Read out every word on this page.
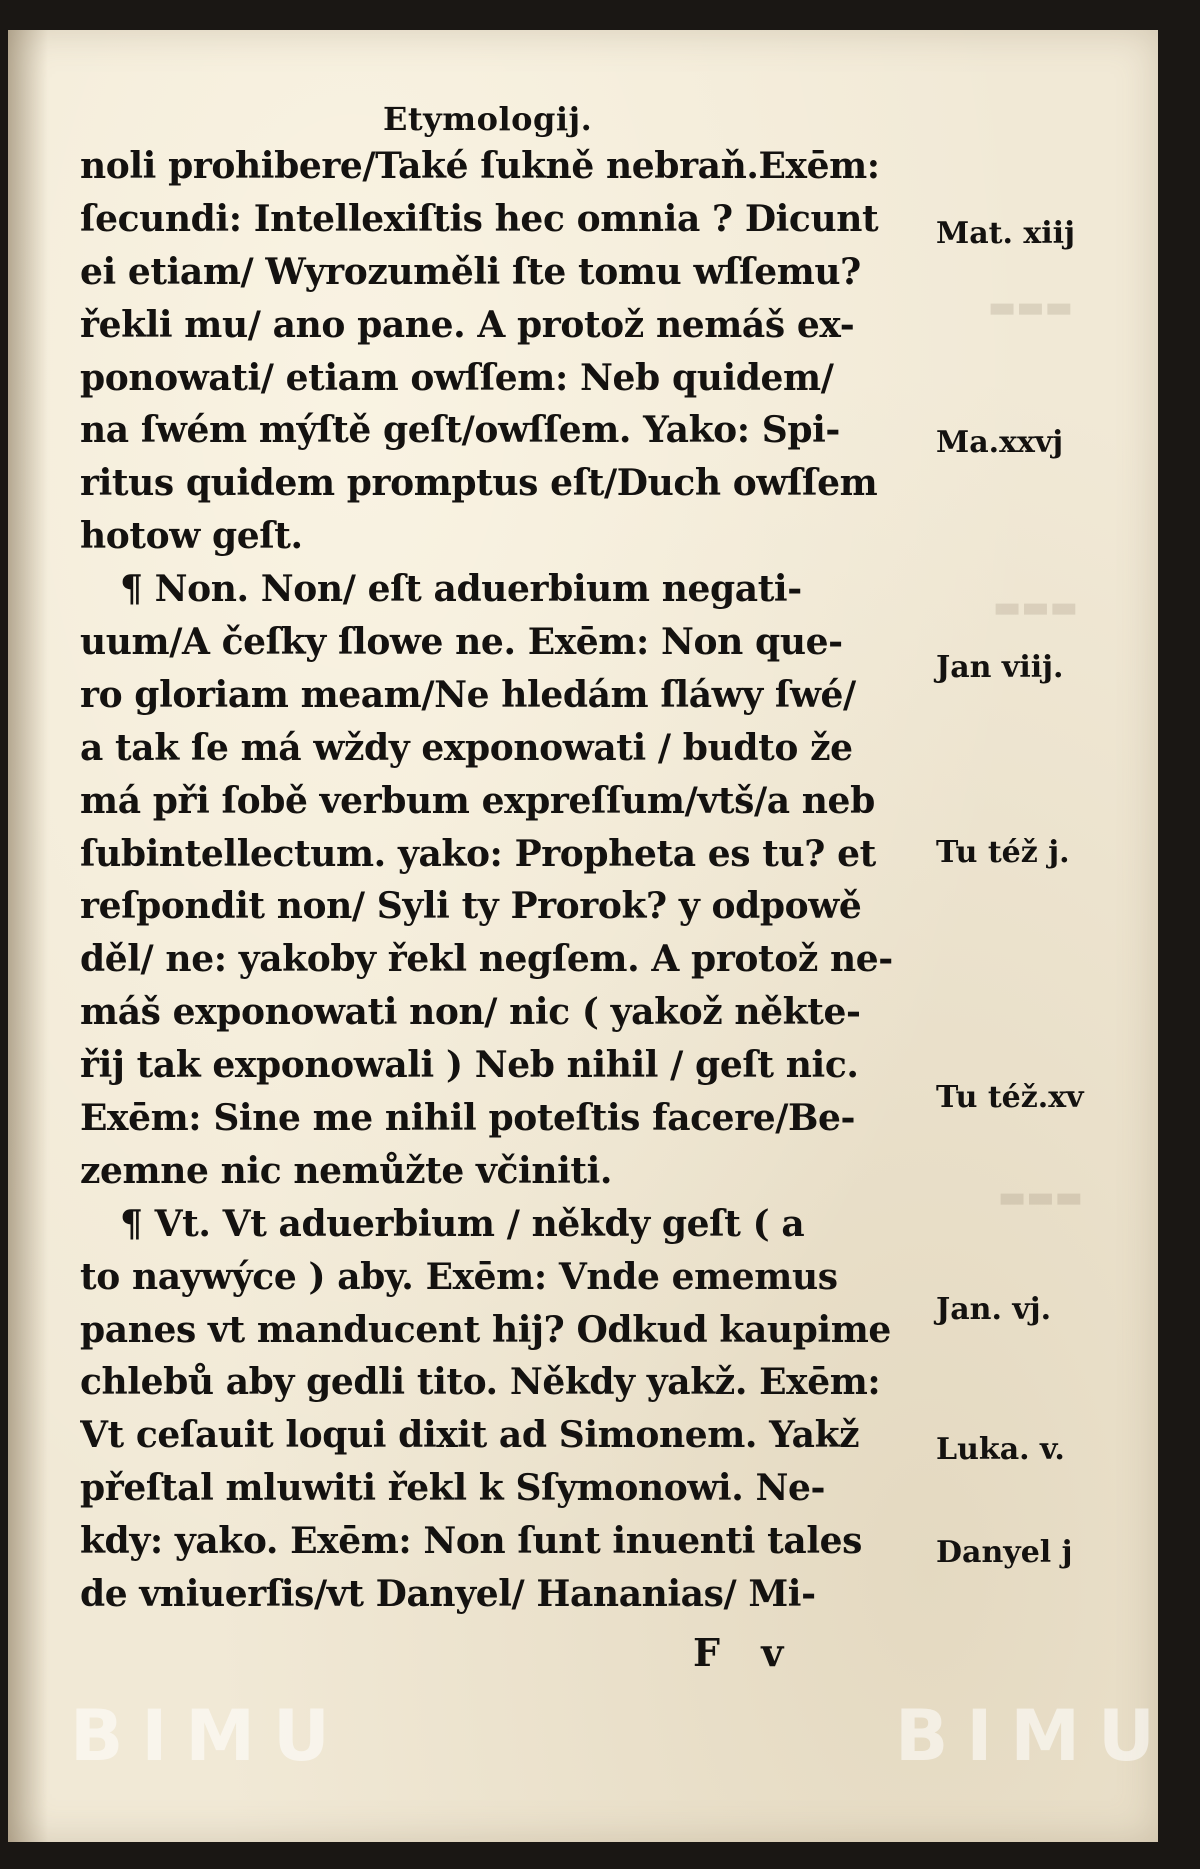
▬▬▬
▬▬▬
▬▬▬
Etymologij.
noli prohibere/Také ſukně nebraň.Exēm:
ſecundi: Intellexiſtis hec omnia ? Dicunt
ei etiam/ Wyrozuměli ſte tomu wſſemu?
řekli mu/ ano pane. A protož nemáš ex-
ponowati/ etiam owſſem: Neb quidem/
na ſwém mýſtě geſt/owſſem. Yako: Spi-
ritus quidem promptus eſt/Duch owſſem
hotow geſt.
¶ Non. Non/ eſt aduerbium negati-
uum/A čeſky ſlowe ne. Exēm: Non que-
ro gloriam meam/Ne hledám ſláwy ſwé/
a tak ſe má wždy exponowati / budto že
má při ſobě verbum expreſſum/vtš/a neb
ſubintellectum. yako: Propheta es tu? et
reſpondit non/ Syli ty Prorok? y odpowě
děl/ ne: yakoby řekl negſem. A protož ne-
máš exponowati non/ nic ( yakož někte-
řij tak exponowali ) Neb nihil / geſt nic.
Exēm: Sine me nihil poteſtis facere/Be-
zemne nic nemůžte včiniti.
¶ Vt. Vt aduerbium / někdy geſt ( a
to naywýce ) aby. Exēm: Vnde ememus
panes vt manducent hij? Odkud kaupime
chlebů aby gedli tito. Někdy yakž. Exēm:
Vt ceſauit loqui dixit ad Simonem. Yakž
přeſtal mluwiti řekl k Sſymonowi. Ne-
kdy: yako. Exēm: Non ſunt inuenti tales
de vniuerſis/vt Danyel/ Hananias/ Mi-
Mat. xiij
Ma.xxvj
Jan viij.
Tu též j.
Tu též.xv
Jan. vj.
Luka. v.
Danyel j
F v
BIMU	BIMU
